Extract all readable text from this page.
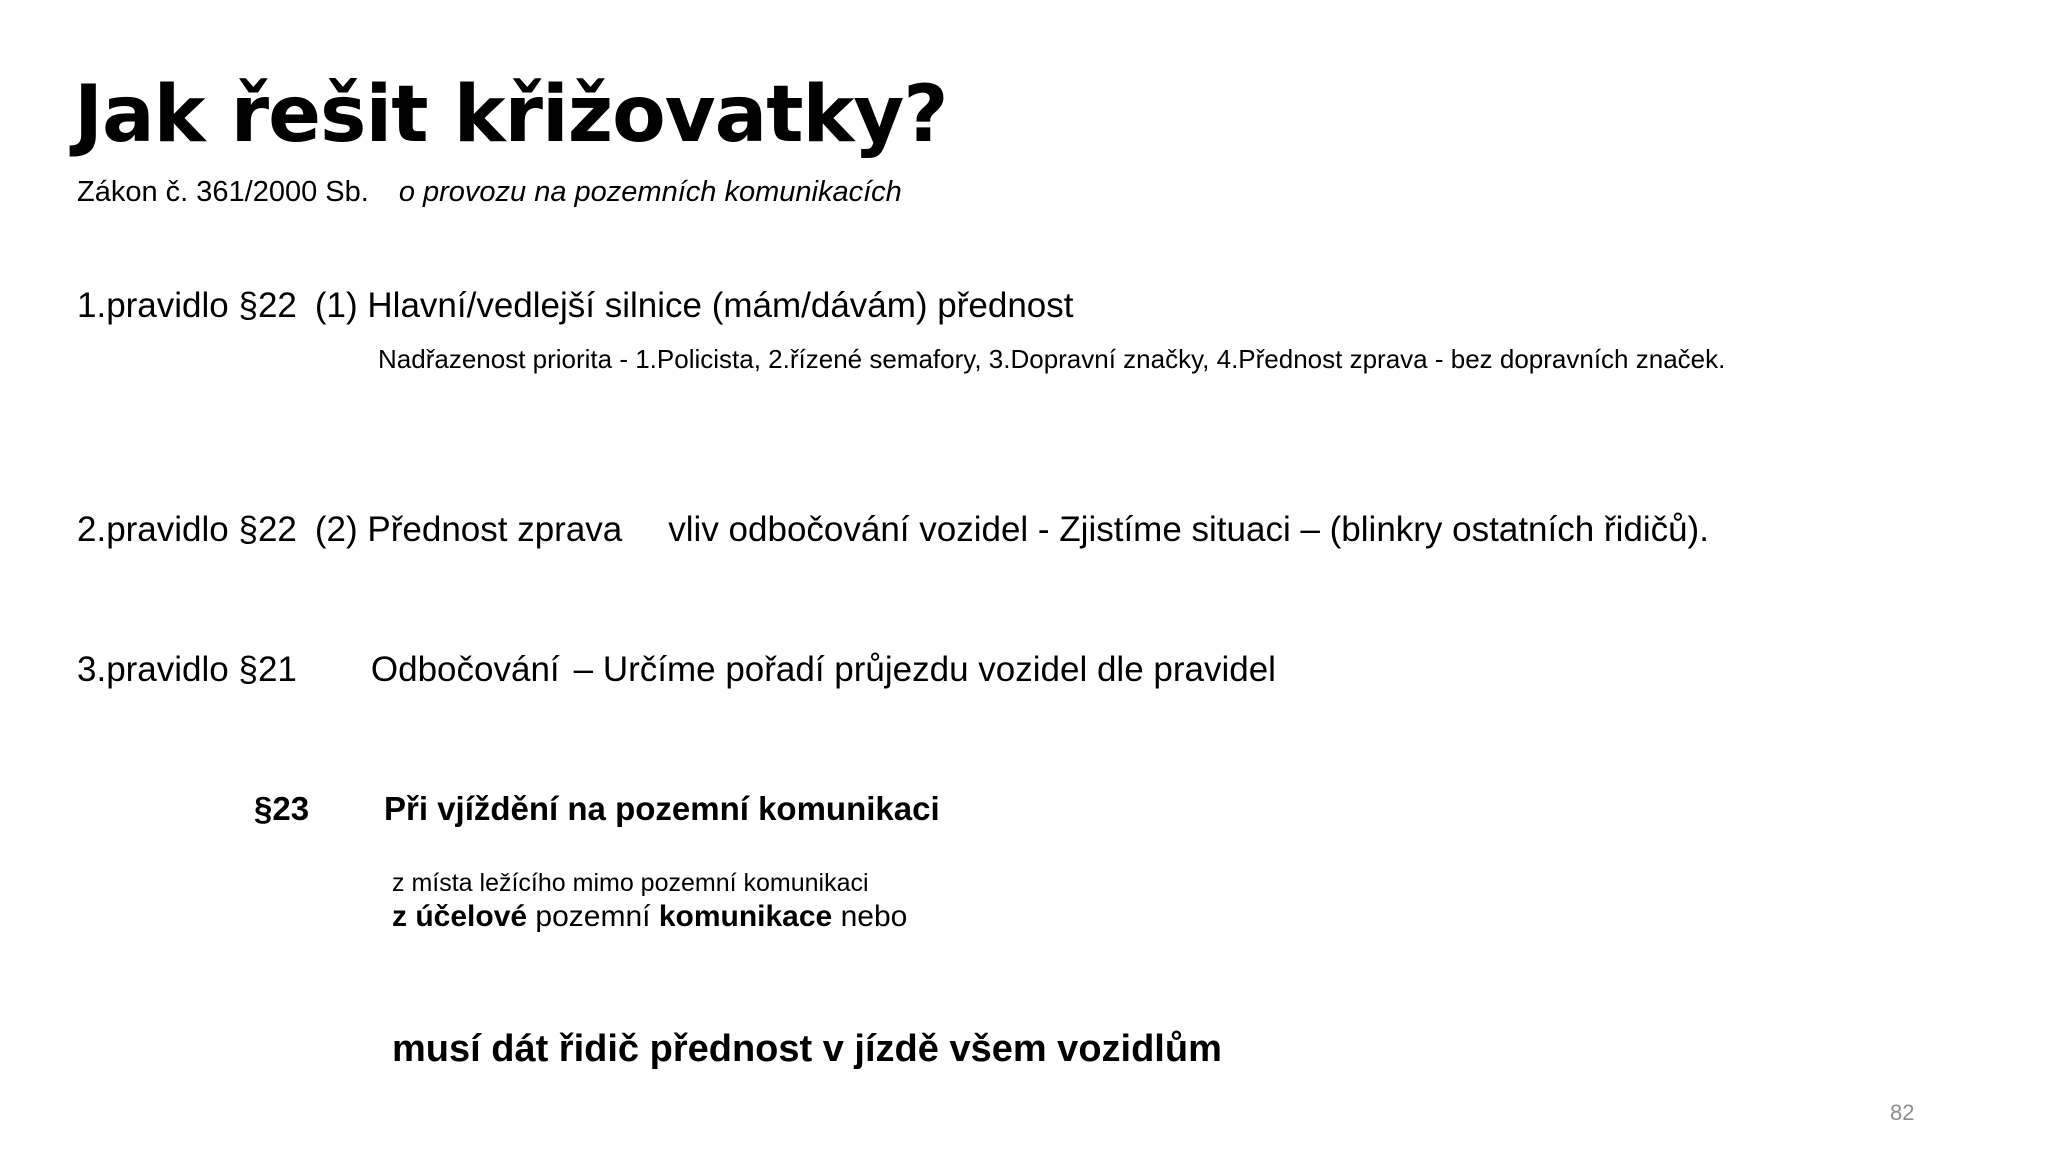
Jak řešit křižovatky?
Zákon č. 361/2000 Sb. o provozu na pozemních komunikacích
1.pravidlo §22 (1) Hlavní/vedlejší silnice (mám/dávám) přednost
Nadřazenost priorita - 1.Policista, 2.řízené semafory, 3.Dopravní značky, 4.Přednost zprava - bez dopravních značek.
2.pravidlo §22 (2) Přednost zprava vliv odbočování vozidel - Zjistíme situaci – (blinkry ostatních řidičů).
3.pravidlo §21 Odbočování – Určíme pořadí průjezdu vozidel dle pravidel
§23 Při vjíždění na pozemní komunikaci
z místa ležícího mimo pozemní komunikaci
z účelové pozemní komunikace nebo
musí dát řidič přednost v jízdě všem vozidlům
82
